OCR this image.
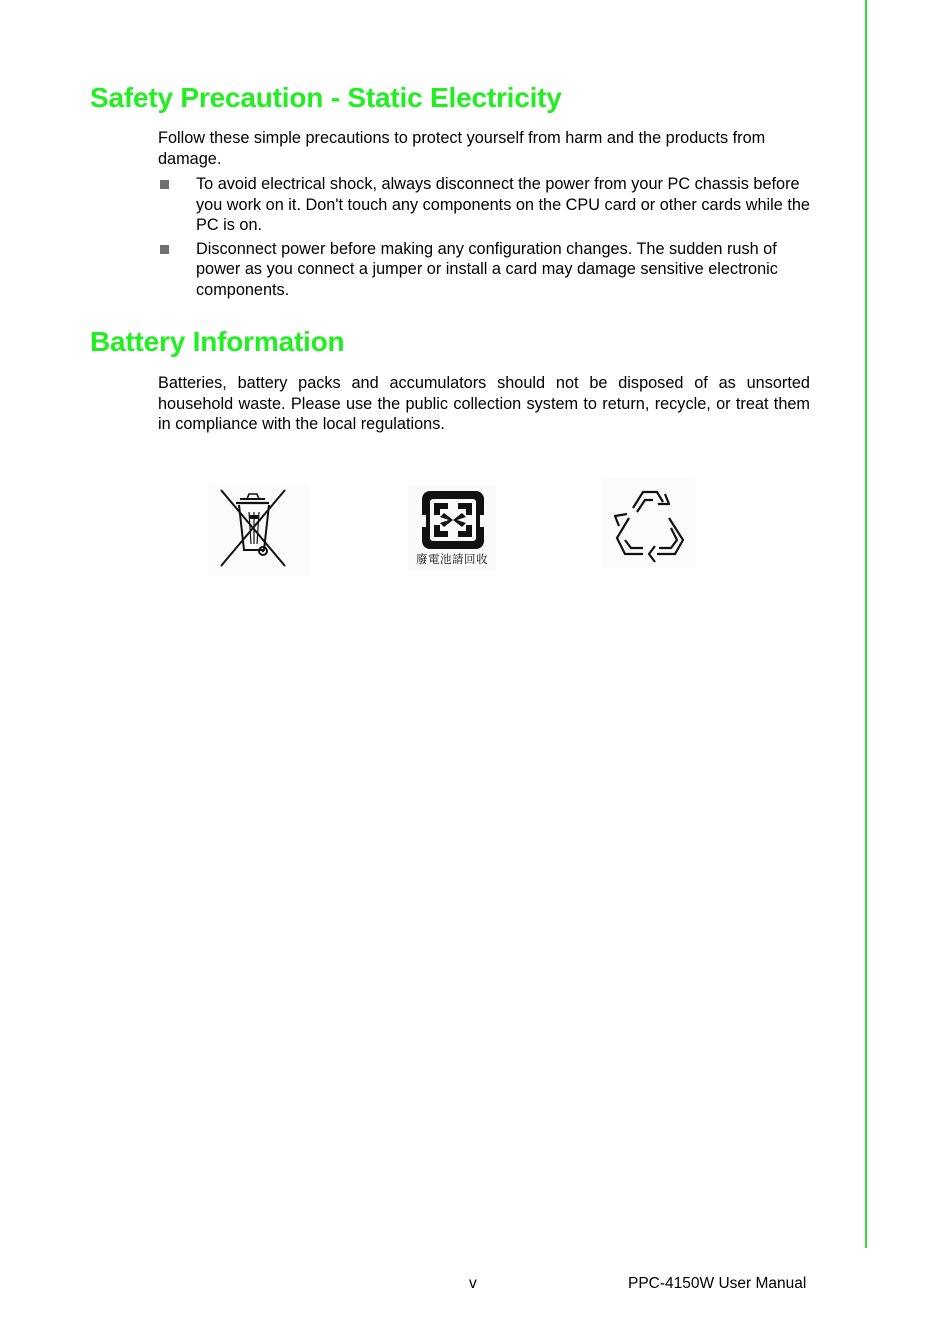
Safety Precaution - Static Electricity

Follow these simple precautions to protect yourself from harm and the products from damage.

To avoid electrical shock, always disconnect the power from your PC chassis before you work on it. Don't touch any components on the CPU card or other cards while the PC is on.
Disconnect power before making any configuration changes. The sudden rush of power as you connect a jumper or install a card may damage sensitive electronic components.
Battery Information

Batteries, battery packs and accumulators should not be disposed of as unsorted household waste. Please use the public collection system to return, recycle, or treat them in compliance with the local regulations.

廢電池請回收

v	PPC-4150W User Manual
